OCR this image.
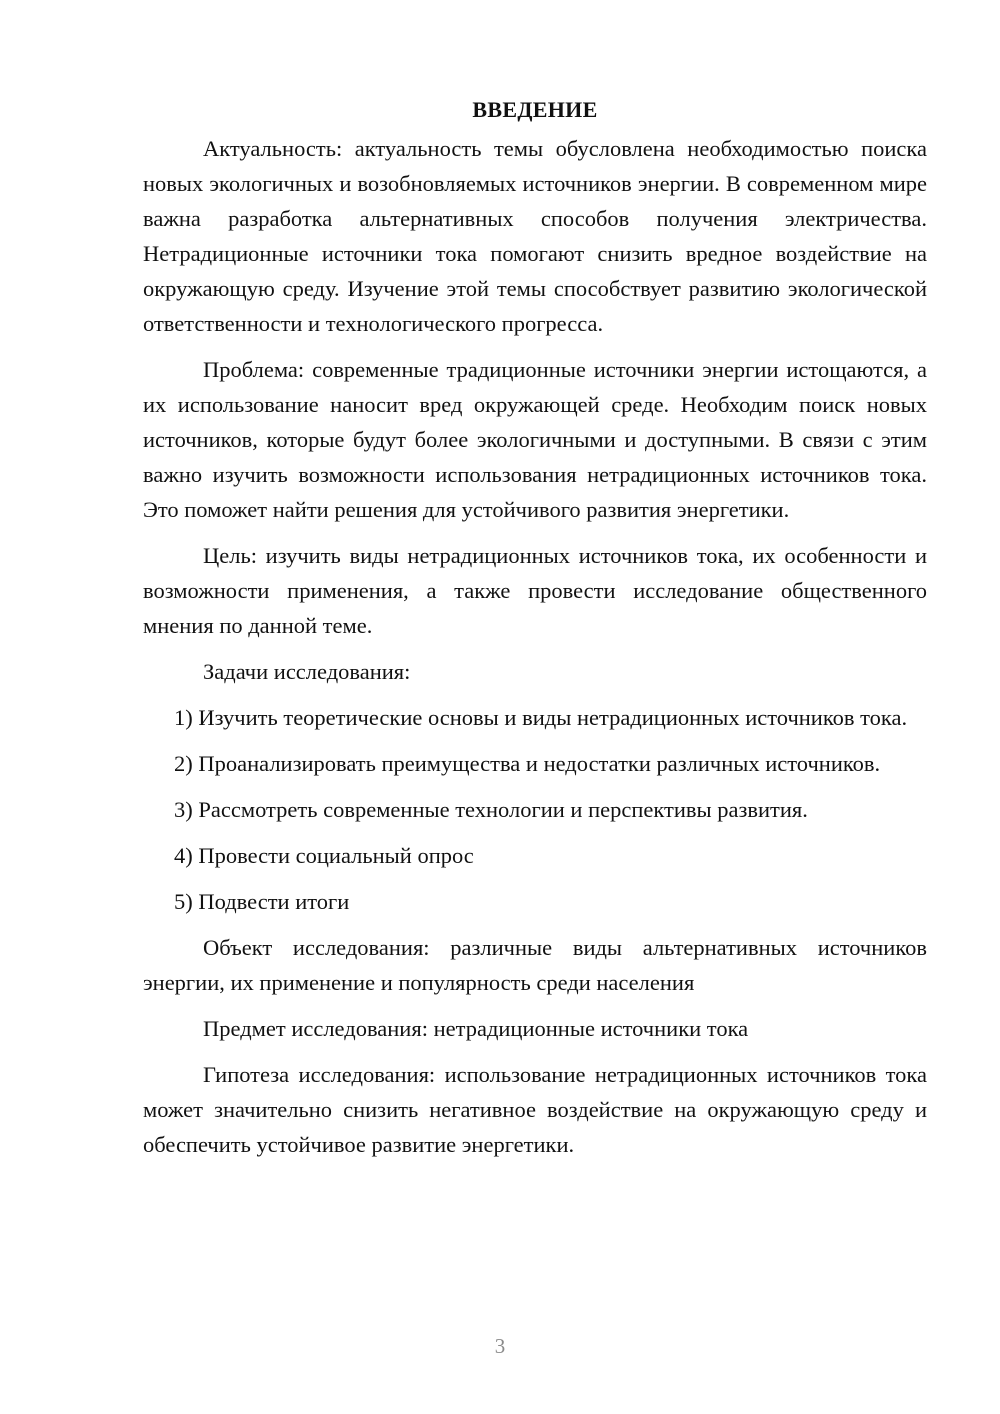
ВВЕДЕНИЕ

Актуальность: актуальность темы обусловлена необходимостью поиска новых экологичных и возобновляемых источников энергии. В современном мире важна разработка альтернативных способов получения электричества. Нетрадиционные источники тока помогают снизить вредное воздействие на окружающую среду. Изучение этой темы способствует развитию экологической ответственности и технологического прогресса.

Проблема: современные традиционные источники энергии истощаются, а их использование наносит вред окружающей среде. Необходим поиск новых источников, которые будут более экологичными и доступными. В связи с этим важно изучить возможности использования нетрадиционных источников тока. Это поможет найти решения для устойчивого развития энергетики.

Цель: изучить виды нетрадиционных источников тока, их особенности и возможности применения, а также провести исследование общественного мнения по данной теме.

Задачи исследования:

1) Изучить теоретические основы и виды нетрадиционных источников тока.

2) Проанализировать преимущества и недостатки различных источников.

3) Рассмотреть современные технологии и перспективы развития.

4) Провести социальный опрос

5) Подвести итоги

Объект исследования: различные виды альтернативных источников энергии, их применение и популярность среди населения

Предмет исследования: нетрадиционные источники тока

Гипотеза исследования: использование нетрадиционных источников тока может значительно снизить негативное воздействие на окружающую среду и обеспечить устойчивое развитие энергетики.

3
